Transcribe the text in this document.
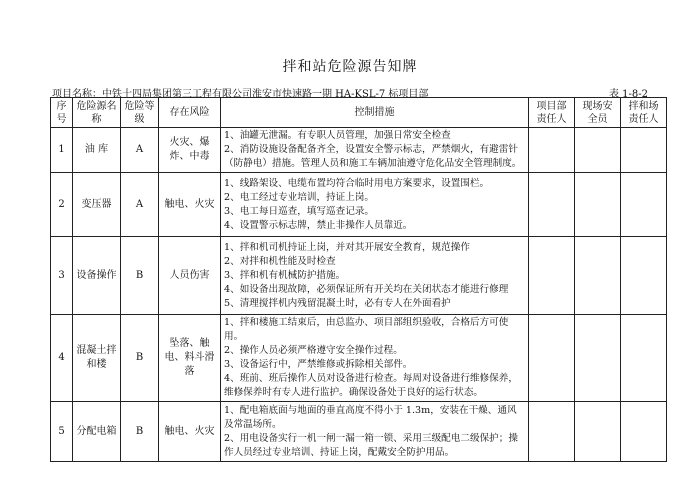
拌和站危险源告知牌
项目名称：中铁十四局集团第三工程有限公司淮安市快速路一期 HA-KSL-7 标项目部	表 1-8-2
序号	危险源名称	危险等级	存在风险	控制措施	项目部责任人	现场安全员	拌和场责任人
1	油 库	A	火灾、爆炸、中毒	1、油罐无泄漏。有专职人员管理，加强日常安全检查
2、消防设施设备配备齐全，设置安全警示标志，严禁烟火，有避雷针（防静电）措施。管理人员和施工车辆加油遵守危化品安全管理制度。			

2	变压器	A	触电、火灾	1、线路架设、电缆布置均符合临时用电方案要求，设置围栏。
2、电工经过专业培训，持证上岗。
3、电工每日巡查，填写巡查记录。
4、设置警示标志牌，禁止非操作人员靠近。			

3	设备操作	B	人员伤害	1、拌和机司机持证上岗，并对其开展安全教育，规范操作
2、对拌和机性能及时检查
3、拌和机有机械防护措施。
4、如设备出现故障，必须保证所有开关均在关闭状态才能进行修理
5、清理搅拌机内残留混凝土时，必有专人在外面看护			

4	混凝土拌和楼	B	坠落、触电、料斗滑落	1、拌和楼施工结束后，由总监办、项目部组织验收，合格后方可使用。
2、操作人员必须严格遵守安全操作过程。
3、设备运行中，严禁维修或拆除相关部件。
4、班前、班后操作人员对设备进行检查。每周对设备进行维修保养，维修保养时有专人进行监护。确保设备处于良好的运行状态。			

5	分配电箱	B	触电、火灾	1、配电箱底面与地面的垂直高度不得小于 1.3m，安装在干燥、通风及常温场所。
2、用电设备实行一机一闸一漏一箱一锁、采用三级配电二级保护；操作人员经过专业培训、持证上岗，配戴安全防护用品。			
